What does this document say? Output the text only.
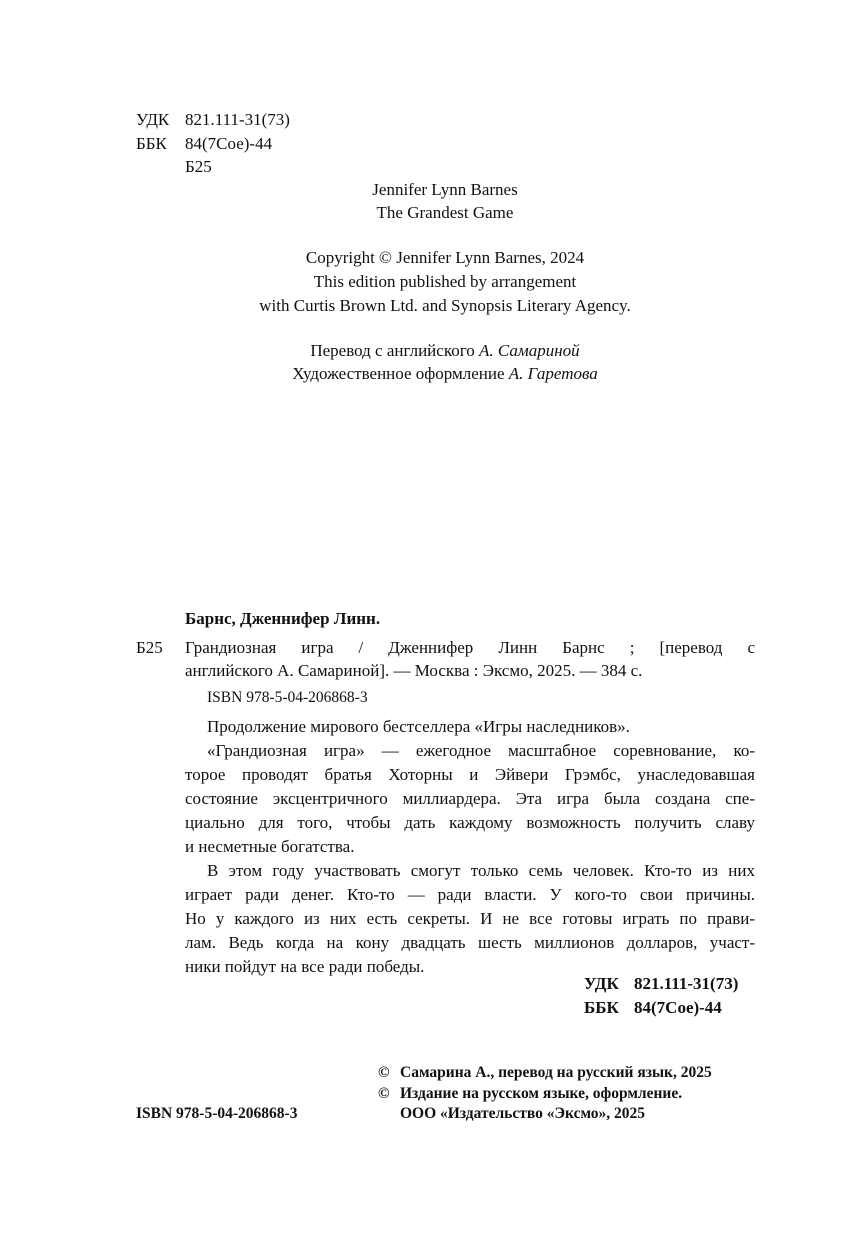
УДК 821.111-31(73)
ББК 84(7Сое)-44
Б25
Jennifer Lynn Barnes
The Grandest Game
Copyright © Jennifer Lynn Barnes, 2024
This edition published by arrangement
with Curtis Brown Ltd. and Synopsis Literary Agency.
Перевод с английского А. Самариной
Художественное оформление А. Гаретова
Барнс, Дженнифер Линн.
Б25 Грандиозная игра / Дженнифер Линн Барнс ; [перевод с
английского А. Самариной]. — Москва : Эксмо, 2025. — 384 с.
ISBN 978-5-04-206868-3
Продолжение мирового бестселлера «Игры наследников».
«Грандиозная игра» — ежегодное масштабное соревнование, ко-
торое проводят братья Хоторны и Эйвери Грэмбс, унаследовавшая
состояние эксцентричного миллиардера. Эта игра была создана спе-
циально для того, чтобы дать каждому возможность получить славу
и несметные богатства.
В этом году участвовать смогут только семь человек. Кто-то из них
играет ради денег. Кто-то — ради власти. У кого-то свои причины.
Но у каждого из них есть секреты. И не все готовы играть по прави-
лам. Ведь когда на кону двадцать шесть миллионов долларов, участ-
ники пойдут на все ради победы.
УДК 821.111-31(73)
ББК 84(7Сое)-44
© Самарина А., перевод на русский язык, 2025
© Издание на русском языке, оформление.
ISBN 978-5-04-206868-3	ООО «Издательство «Эксмо», 2025
